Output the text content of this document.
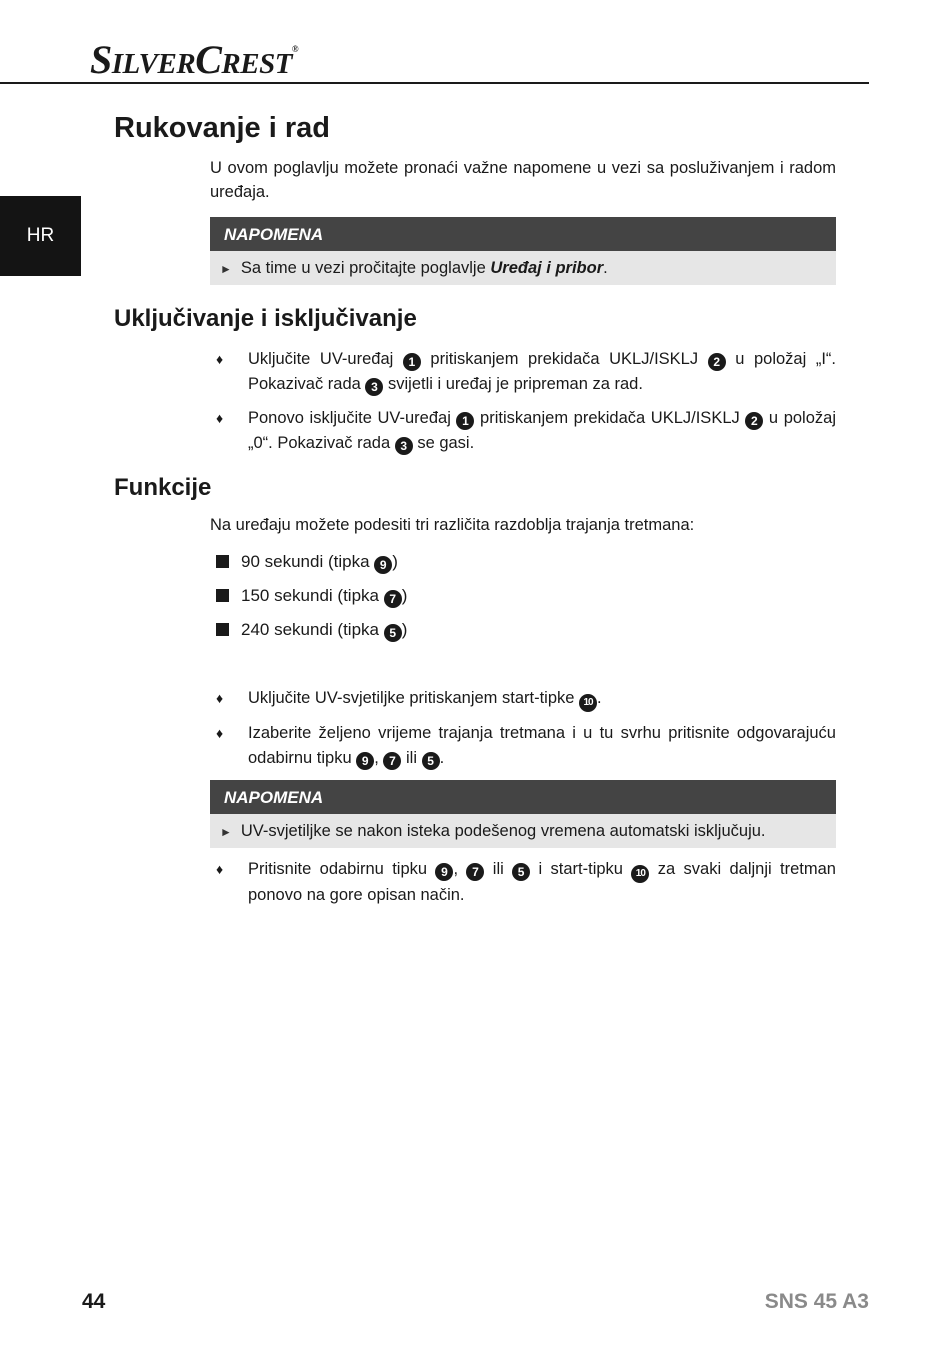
SILVERCREST®
HR
Rukovanje i rad

U ovom poglavlju možete pronaći važne napomene u vezi sa posluživanjem i radom uređaja.

NAPOMENA
► Sa time u vezi pročitajte poglavlje Uređaj i pribor.
Uključivanje i isključivanje
♦ Uključite UV-uređaj 1 pritiskanjem prekidača UKLJ/ISKLJ 2 u položaj „I“. Pokazivač rada 3 svijetli i uređaj je pripreman za rad.
♦ Ponovo isključite UV-uređaj 1 pritiskanjem prekidača UKLJ/ISKLJ 2 u položaj „0“. Pokazivač rada 3 se gasi.
Funkcije

Na uređaju možete podesiti tri različita razdoblja trajanja tretmana:

90 sekundi (tipka 9 )
150 sekundi (tipka 7 )
240 sekundi (tipka 5 )
♦ Uključite UV-svjetiljke pritiskanjem start-tipke 10 .
♦ Izaberite željeno vrijeme trajanja tretmana i u tu svrhu pritisnite odgovarajuću odabirnu tipku 9 , 7 ili 5 .
NAPOMENA
► UV-svjetiljke se nakon isteka podešenog vremena automatski isključuju.
♦ Pritisnite odabirnu tipku 9 , 7 ili 5 i start-tipku 10 za svaki daljnji tretman ponovo na gore opisan način.
44	SNS 45 A3
